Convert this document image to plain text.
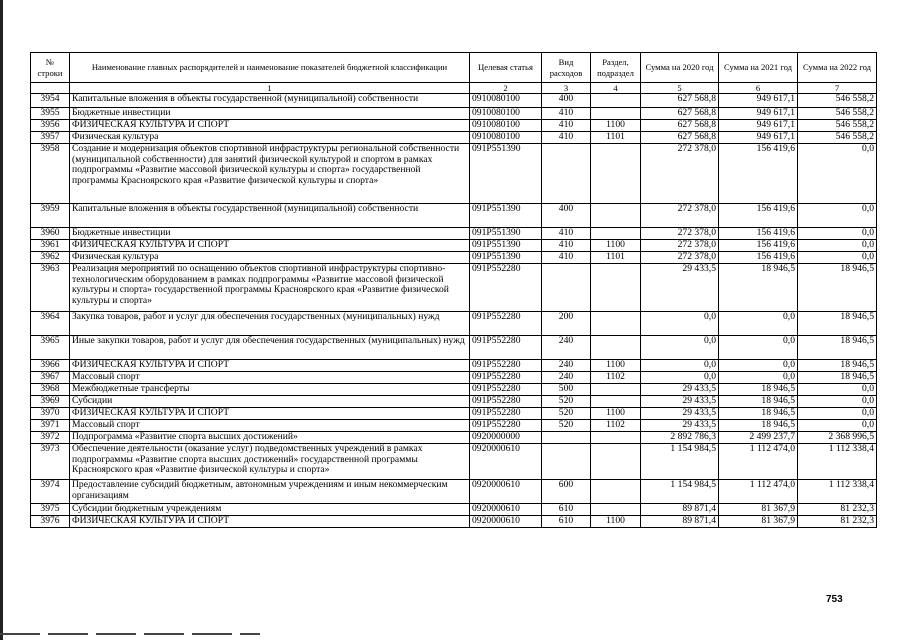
№ строки	Наименование главных распорядителей и наименование показателей бюджетной классификации	Целевая статья	Вид расходов	Раздел, подраздел	Сумма на 2020 год	Сумма на 2021 год	Сумма на 2022 год
	1	2	3	4	5	6	7
3954	Капитальные вложения в объекты государственной (муниципальной) собственности	0910080100	400		627 568,8	949 617,1	546 558,2
3955	Бюджетные инвестиции	0910080100	410		627 568,8	949 617,1	546 558,2
3956	ФИЗИЧЕСКАЯ КУЛЬТУРА И СПОРТ	0910080100	410	1100	627 568,8	949 617,1	546 558,2
3957	Физическая культура	0910080100	410	1101	627 568,8	949 617,1	546 558,2
3958	Создание и модернизация объектов спортивной инфраструктуры региональной собственности (муниципальной собственности) для занятий физической культурой и спортом в рамках подпрограммы «Развитие массовой физической культуры и спорта» государственной программы Красноярского края «Развитие физической культуры и спорта»	091P551390			272 378,0	156 419,6	0,0
3959	Капитальные вложения в объекты государственной (муниципальной) собственности	091P551390	400		272 378,0	156 419,6	0,0
3960	Бюджетные инвестиции	091P551390	410		272 378,0	156 419,6	0,0
3961	ФИЗИЧЕСКАЯ КУЛЬТУРА И СПОРТ	091P551390	410	1100	272 378,0	156 419,6	0,0
3962	Физическая культура	091P551390	410	1101	272 378,0	156 419,6	0,0
3963	Реализация мероприятий по оснащению объектов спортивной инфраструктуры спортивно-технологическим оборудованием в рамках подпрограммы «Развитие массовой физической культуры и спорта» государственной программы Красноярского края «Развитие физической культуры и спорта»	091P552280			29 433,5	18 946,5	18 946,5
3964	Закупка товаров, работ и услуг для обеспечения государственных (муниципальных) нужд	091P552280	200		0,0	0,0	18 946,5
3965	Иные закупки товаров, работ и услуг для обеспечения государственных (муниципальных) нужд	091P552280	240		0,0	0,0	18 946,5
3966	ФИЗИЧЕСКАЯ КУЛЬТУРА И СПОРТ	091P552280	240	1100	0,0	0,0	18 946,5
3967	Массовый спорт	091P552280	240	1102	0,0	0,0	18 946,5
3968	Межбюджетные трансферты	091P552280	500		29 433,5	18 946,5	0,0
3969	Субсидии	091P552280	520		29 433,5	18 946,5	0,0
3970	ФИЗИЧЕСКАЯ КУЛЬТУРА И СПОРТ	091P552280	520	1100	29 433,5	18 946,5	0,0
3971	Массовый спорт	091P552280	520	1102	29 433,5	18 946,5	0,0
3972	Подпрограмма «Развитие спорта высших достижений»	0920000000			2 892 786,3	2 499 237,7	2 368 996,5
3973	Обеспечение деятельности (оказание услуг) подведомственных учреждений в рамках подпрограммы «Развитие спорта высших достижений» государственной программы Красноярского края «Развитие физической культуры и спорта»	0920000610			1 154 984,5	1 112 474,0	1 112 338,4
3974	Предоставление субсидий бюджетным, автономным учреждениям и иным некоммерческим организациям	0920000610	600		1 154 984,5	1 112 474,0	1 112 338,4
3975	Субсидии бюджетным учреждениям	0920000610	610		89 871,4	81 367,9	81 232,3
3976	ФИЗИЧЕСКАЯ КУЛЬТУРА И СПОРТ	0920000610	610	1100	89 871,4	81 367,9	81 232,3
753
